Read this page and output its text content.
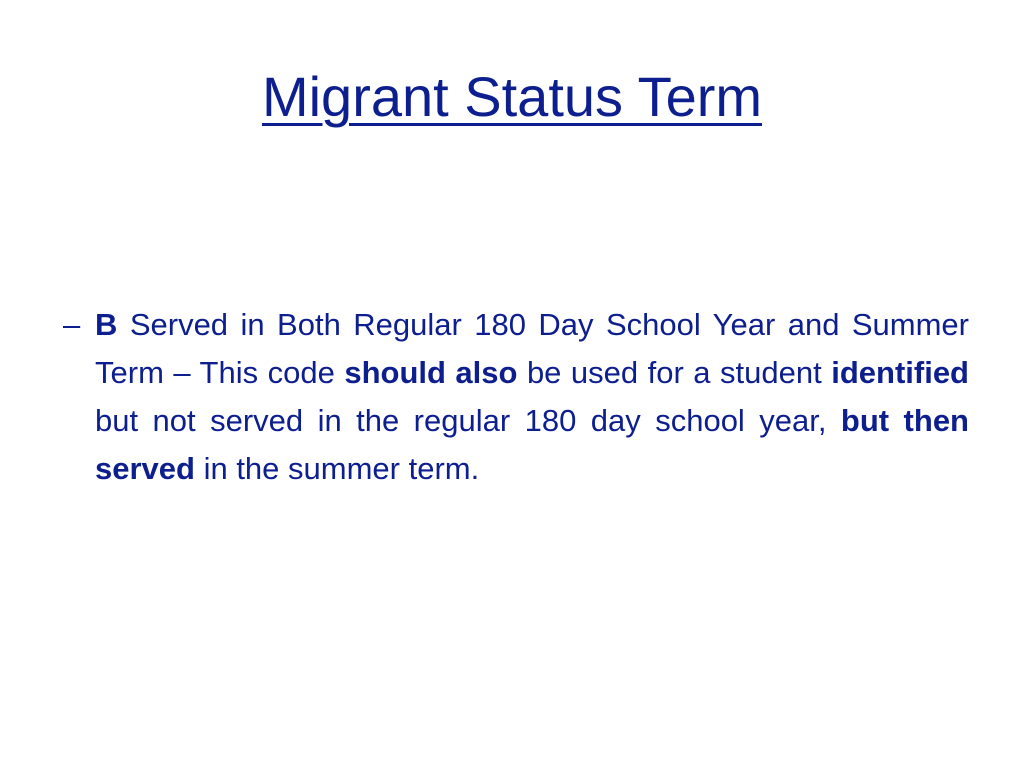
Migrant Status Term
– B Served in Both Regular 180 Day School Year and Summer Term – This code should also be used for a student identified but not served in the regular 180 day school year, but then served in the summer term.
